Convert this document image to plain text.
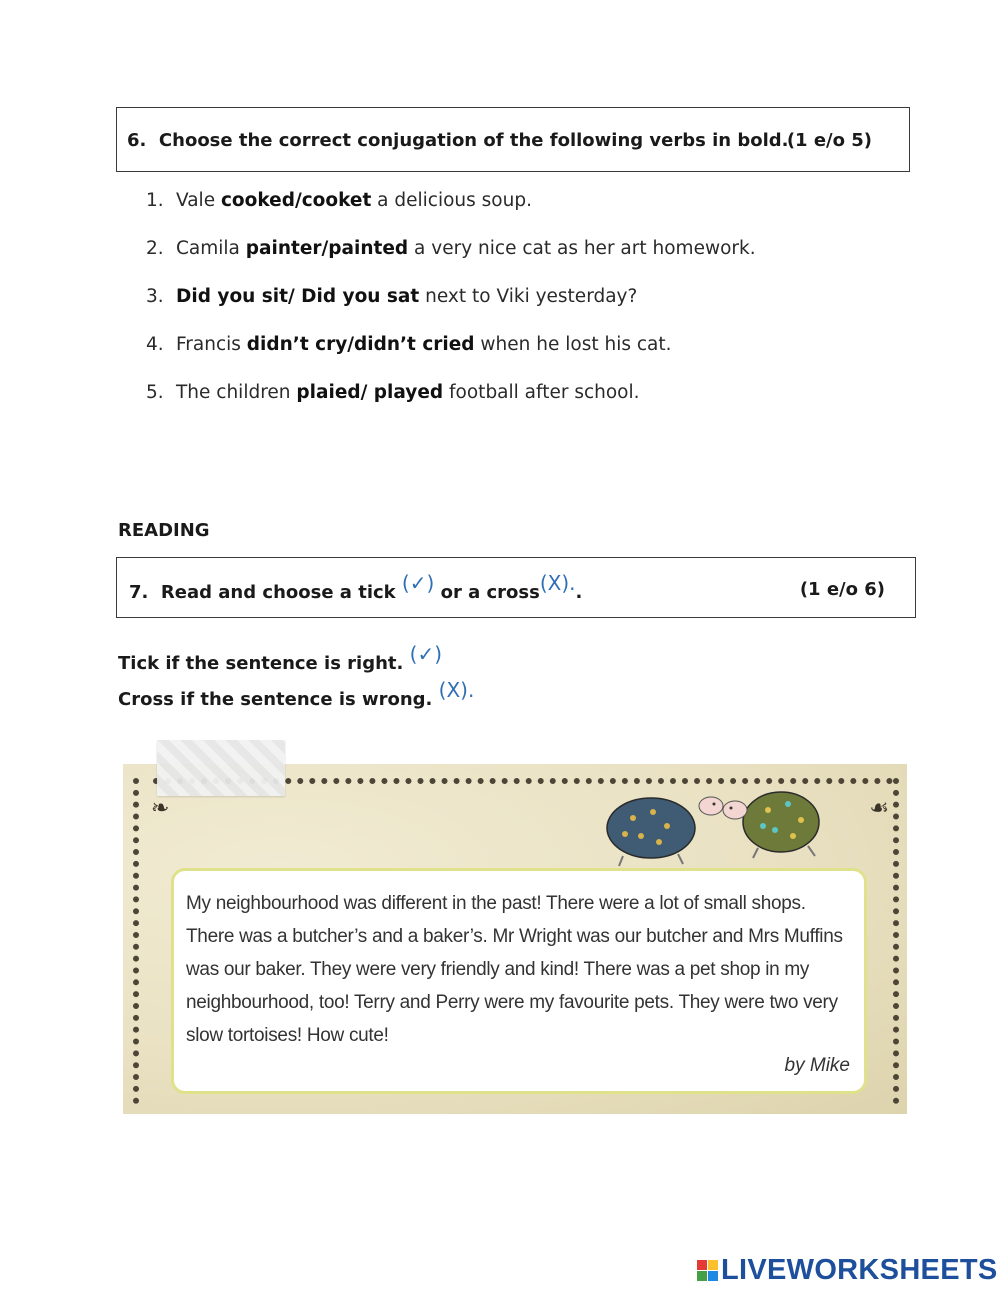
6. Choose the correct conjugation of the following verbs in bold.
(1 e/o 5)
1. Vale cooked/cooket a delicious soup.
2. Camila painter/painted a very nice cat as her art homework.
3. Did you sit/ Did you sat next to Viki yesterday?
4. Francis didn’t cry/didn’t cried when he lost his cat.
5. The children plaied/ played football after school.
READING
7. Read and choose a tick (✓) or a cross(X)..	(1 e/o 6)
Tick if the sentence is right. (✓)
Cross if the sentence is wrong. (X).
❧	☙
My neighbourhood was different in the past! There were a lot of small shops. There was a butcher’s and a baker’s. Mr Wright was our butcher and Mrs Muffins was our baker. They were very friendly and kind! There was a pet shop in my neighbourhood, too! Terry and Perry were my favourite pets. They were two very slow tortoises! How cute!
by Mike
LIVEWORKSHEETS
